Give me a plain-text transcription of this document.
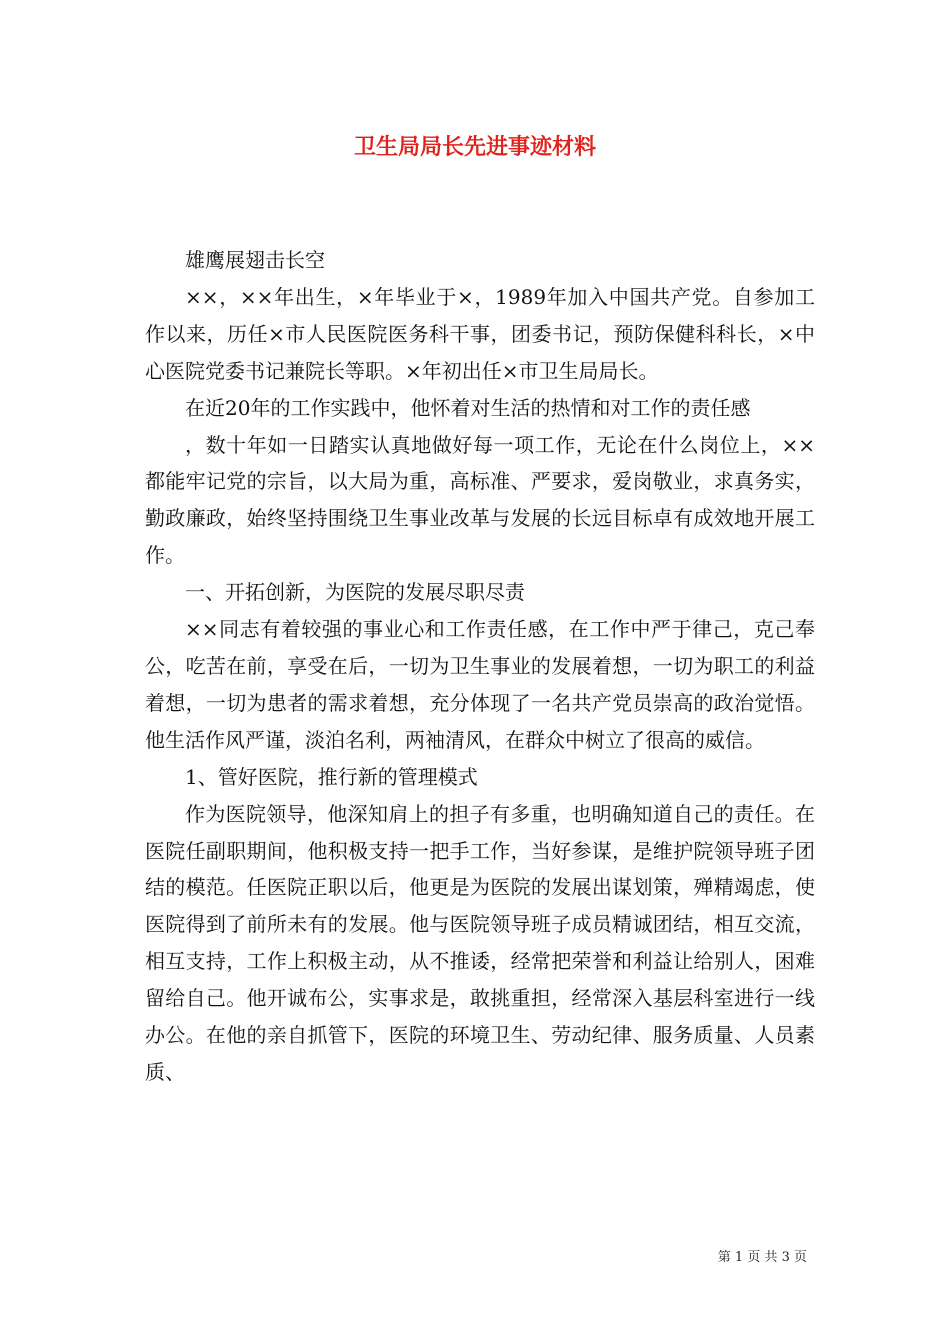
卫生局局长先进事迹材料

雄鹰展翅击长空

××，××年出生，×年毕业于×，1989年加入中国共产党。自参加工作以来，历任×市人民医院医务科干事，团委书记，预防保健科科长，×中心医院党委书记兼院长等职。×年初出任×市卫生局局长。

在近20年的工作实践中，他怀着对生活的热情和对工作的责任感

，数十年如一日踏实认真地做好每一项工作，无论在什么岗位上，××都能牢记党的宗旨，以大局为重，高标准、严要求，爱岗敬业，求真务实，勤政廉政，始终坚持围绕卫生事业改革与发展的长远目标卓有成效地开展工作。

一、开拓创新，为医院的发展尽职尽责

××同志有着较强的事业心和工作责任感，在工作中严于律己，克己奉公，吃苦在前，享受在后，一切为卫生事业的发展着想，一切为职工的利益着想，一切为患者的需求着想，充分体现了一名共产党员崇高的政治觉悟。他生活作风严谨，淡泊名利，两袖清风，在群众中树立了很高的威信。

1、管好医院，推行新的管理模式

作为医院领导，他深知肩上的担子有多重，也明确知道自己的责任。在医院任副职期间，他积极支持一把手工作，当好参谋，是维护院领导班子团结的模范。任医院正职以后，他更是为医院的发展出谋划策，殚精竭虑，使医院得到了前所未有的发展。他与医院领导班子成员精诚团结，相互交流，相互支持，工作上积极主动，从不推诿，经常把荣誉和利益让给别人，困难留给自己。他开诚布公，实事求是，敢挑重担，经常深入基层科室进行一线办公。在他的亲自抓管下，医院的环境卫生、劳动纪律、服务质量、人员素质、

第 1 页 共 3 页
